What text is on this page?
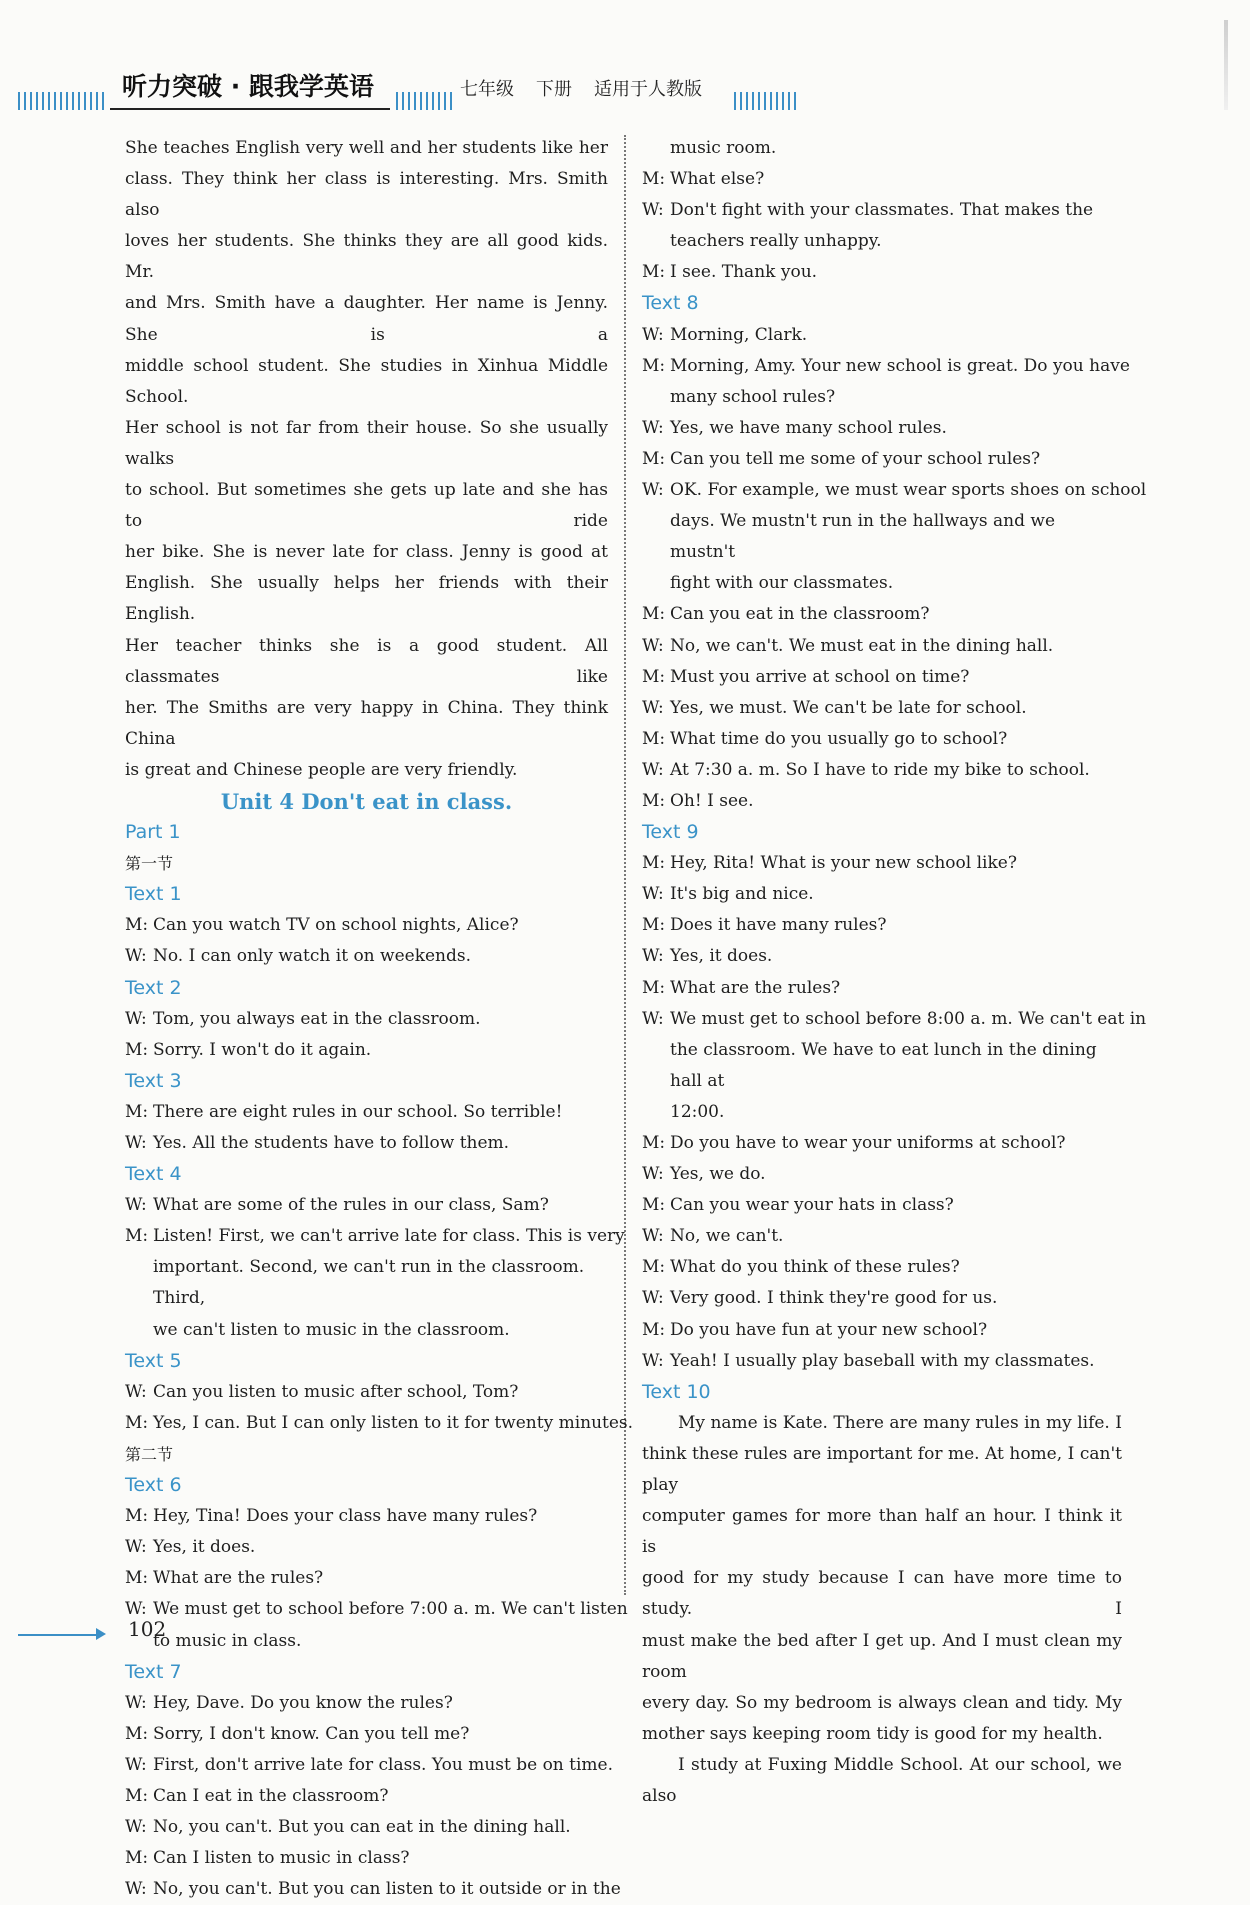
听力突破 · 跟我学英语	七年级 下册 适用于人教版

She teaches English very well and her students like her

class. They think her class is interesting. Mrs. Smith also

loves her students. She thinks they are all good kids. Mr.

and Mrs. Smith have a daughter. Her name is Jenny. She is a

middle school student. She studies in Xinhua Middle School.

Her school is not far from their house. So she usually walks

to school. But sometimes she gets up late and she has to ride

her bike. She is never late for class. Jenny is good at

English. She usually helps her friends with their English.

Her teacher thinks she is a good student. All classmates like

her. The Smiths are very happy in China. They think China

is great and Chinese people are very friendly.

Unit 4 Don't eat in class.

Part 1

第一节

Text 1

M: Can you watch TV on school nights, Alice?
W: No. I can only watch it on weekends.

Text 2

W: Tom, you always eat in the classroom.
M: Sorry. I won't do it again.

Text 3

M: There are eight rules in our school. So terrible!
W: Yes. All the students have to follow them.

Text 4

W: What are some of the rules in our class, Sam?
M: Listen! First, we can't arrive late for class. This is very

important. Second, we can't run in the classroom. Third,

we can't listen to music in the classroom.

Text 5

W: Can you listen to music after school, Tom?
M: Yes, I can. But I can only listen to it for twenty minutes.

第二节

Text 6

M: Hey, Tina! Does your class have many rules?
W: Yes, it does.
M: What are the rules?
W: We must get to school before 7:00 a. m. We can't listen

to music in class.

Text 7

W: Hey, Dave. Do you know the rules?
M: Sorry, I don't know. Can you tell me?
W: First, don't arrive late for class. You must be on time.
M: Can I eat in the classroom?
W: No, you can't. But you can eat in the dining hall.
M: Can I listen to music in class?
W: No, you can't. But you can listen to it outside or in the

music room.

M: What else?
W: Don't fight with your classmates. That makes the

teachers really unhappy.

M: I see. Thank you.

Text 8

W: Morning, Clark.
M: Morning, Amy. Your new school is great. Do you have

many school rules?

W: Yes, we have many school rules.
M: Can you tell me some of your school rules?
W: OK. For example, we must wear sports shoes on school

days. We mustn't run in the hallways and we mustn't

fight with our classmates.

M: Can you eat in the classroom?
W: No, we can't. We must eat in the dining hall.
M: Must you arrive at school on time?
W: Yes, we must. We can't be late for school.
M: What time do you usually go to school?
W: At 7:30 a. m. So I have to ride my bike to school.
M: Oh! I see.

Text 9

M: Hey, Rita! What is your new school like?
W: It's big and nice.
M: Does it have many rules?
W: Yes, it does.
M: What are the rules?
W: We must get to school before 8:00 a. m. We can't eat in

the classroom. We have to eat lunch in the dining hall at

12:00.

M: Do you have to wear your uniforms at school?
W: Yes, we do.
M: Can you wear your hats in class?
W: No, we can't.
M: What do you think of these rules?
W: Very good. I think they're good for us.
M: Do you have fun at your new school?
W: Yeah! I usually play baseball with my classmates.

Text 10

My name is Kate. There are many rules in my life. I

think these rules are important for me. At home, I can't play

computer games for more than half an hour. I think it is

good for my study because I can have more time to study. I

must make the bed after I get up. And I must clean my room

every day. So my bedroom is always clean and tidy. My

mother says keeping room tidy is good for my health.

I study at Fuxing Middle School. At our school, we also

102
